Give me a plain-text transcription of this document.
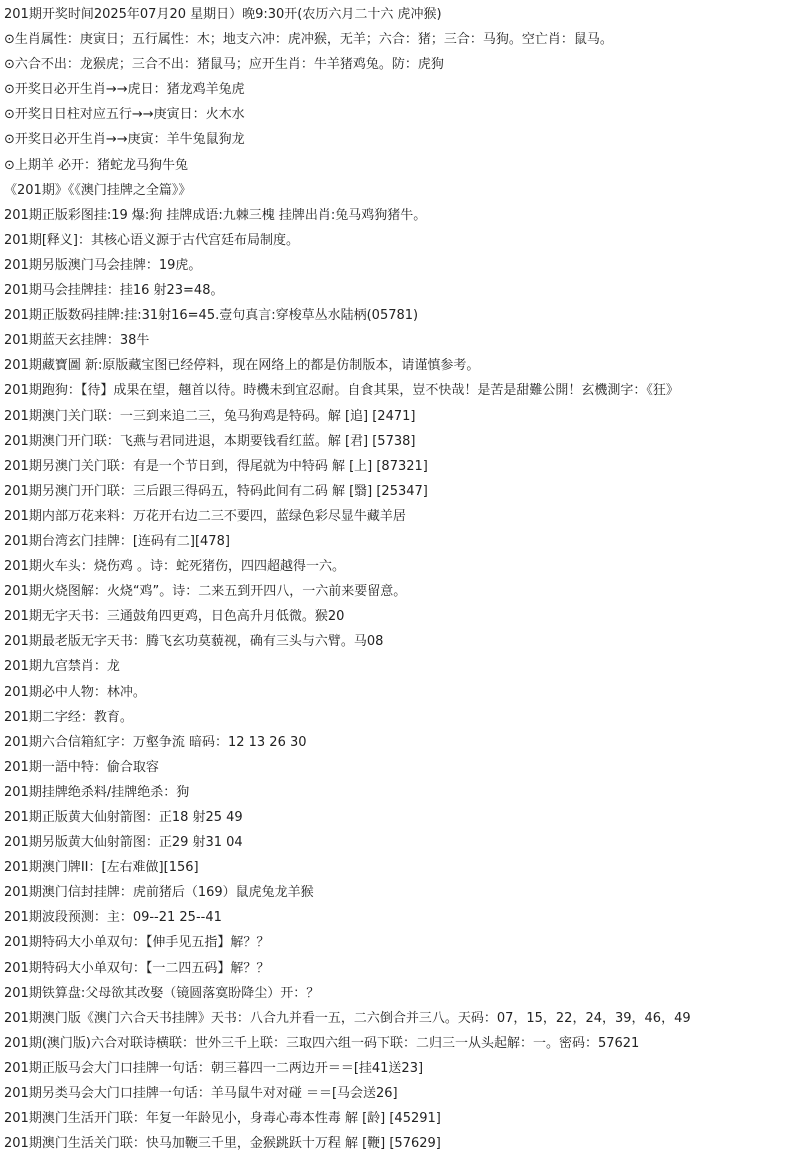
201期开奖时间2025年07月20 星期日）晚9:30开(农历六月二十六 虎冲猴)
⊙生肖属性：庚寅日；五行属性：木；地支六冲：虎冲猴，无羊；六合：猪；三合：马狗。空亡肖：鼠马。
⊙六合不出：龙猴虎；三合不出：猪鼠马；应开生肖：牛羊猪鸡兔。防：虎狗
⊙开奖日必开生肖→→虎日：猪龙鸡羊兔虎
⊙开奖日日柱对应五行→→庚寅日：火木水
⊙开奖日必开生肖→→庚寅：羊牛兔鼠狗龙
⊙上期羊 必开：猪蛇龙马狗牛兔
《201期》《《澳门挂牌之全篇》》
201期正版彩图挂:19 爆:狗 挂牌成语:九棘三槐 挂牌出肖:兔马鸡狗猪牛。
201期[释义]：其核心语义源于古代宫廷布局制度。
201期另版澳门马会挂牌：19虎。
201期马会挂牌挂：挂16 射23=48。
201期正版数码挂牌:挂:31射16=45.壹句真言:穿梭草丛水陆柄(05781)
201期蓝天玄挂牌：38牛
201期藏寶圖 新:原版藏宝图已经停料，现在网络上的都是仿制版本，请谨慎参考。
201期跑狗：【待】成果在望，翹首以待。時機未到宜忍耐。自食其果，豈不快哉！是苦是甜難公開！玄機測字：《狂》
201期澳门关门联：一三到来追二三，兔马狗鸡是特码。解 [追] [2471]
201期澳门开门联：飞燕与君同进退，本期要钱看红蓝。解 [君] [5738]
201期另澳门关门联：有是一个节日到，得尾就为中特码 解 [上] [87321]
201期另澳门开门联：三后跟三得码五，特码此间有二码 解 [翳] [25347]
201期内部万花来料：万花开右边二三不要四，蓝绿色彩尽显牛藏羊居
201期台湾玄门挂牌：[连码有二][478]
201期火车头：烧伤鸡 。诗：蛇死猪伤，四四超越得一六。
201期火烧图解：火烧“鸡”。诗：二来五到开四八，一六前来要留意。
201期无字天书：三通鼓角四更鸡，日色高升月低微。猴20
201期最老版无字天书：腾飞玄功莫藐视，确有三头与六臂。马08
201期九宫禁肖：龙
201期必中人物：林冲。
201期二字经：教育。
201期六合信箱紅字：万壑争流 暗码：12 13 26 30
201期一語中特：偷合取容
201期挂牌绝杀料/挂牌绝杀：狗
201期正版黄大仙射箭图：正18 射25 49
201期另版黄大仙射箭图：正29 射31 04
201期澳门牌II：[左右难做][156]
201期澳门信封挂牌：虎前猪后（169）鼠虎兔龙羊猴
201期波段预测：主：09--21 25--41
201期特码大小单双句：【伸手见五指】解？？
201期特码大小单双句：【一二四五码】解？？
201期铁算盘:父母欲其改娶（镜圆落寞盼降尘）开：？
201期澳门版《澳门六合天书挂牌》天书：八合九并看一五，二六倒合并三八。天码：07，15，22，24，39，46，49
201期(澳门版)六合对联诗横联：世外三千上联：三取四六组一码下联：二归三一从头起解：一。密码：57621
201期正版马会大门口挂牌一句话：朝三暮四一二两边开＝＝[挂41送23]
201期另类马会大门口挂牌一句话：羊马鼠牛对对碰 ＝＝[马会送26]
201期澳门生活开门联：年复一年龄见小，身毒心毒本性毒 解 [龄] [45291]
201期澳门生活关门联：快马加鞭三千里，金猴跳跃十万程 解 [鞭] [57629]
